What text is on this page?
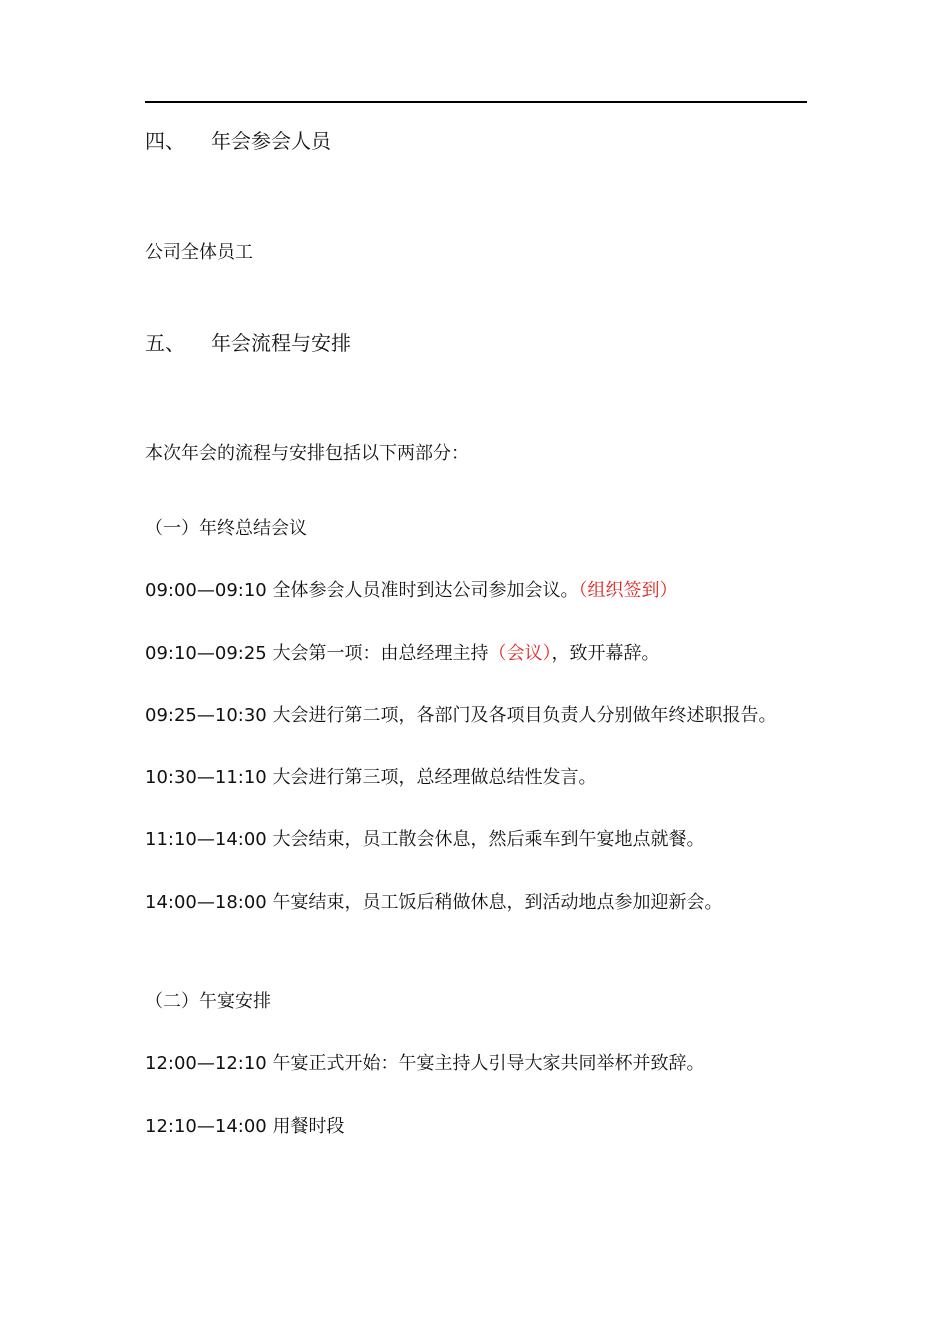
四、 年会参会人员
公司全体员工
五、 年会流程与安排
本次年会的流程与安排包括以下两部分：
（一）年终总结会议
09:00—09:10 全体参会人员准时到达公司参加会议。（组织签到）
09:10—09:25 大会第一项：由总经理主持（会议），致开幕辞。
09:25—10:30 大会进行第二项，各部门及各项目负责人分别做年终述职报告。
10:30—11:10 大会进行第三项，总经理做总结性发言。
11:10—14:00 大会结束，员工散会休息，然后乘车到午宴地点就餐。
14:00—18:00 午宴结束，员工饭后稍做休息，到活动地点参加迎新会。
（二）午宴安排
12:00—12:10 午宴正式开始：午宴主持人引导大家共同举杯并致辞。
12:10—14:00 用餐时段
